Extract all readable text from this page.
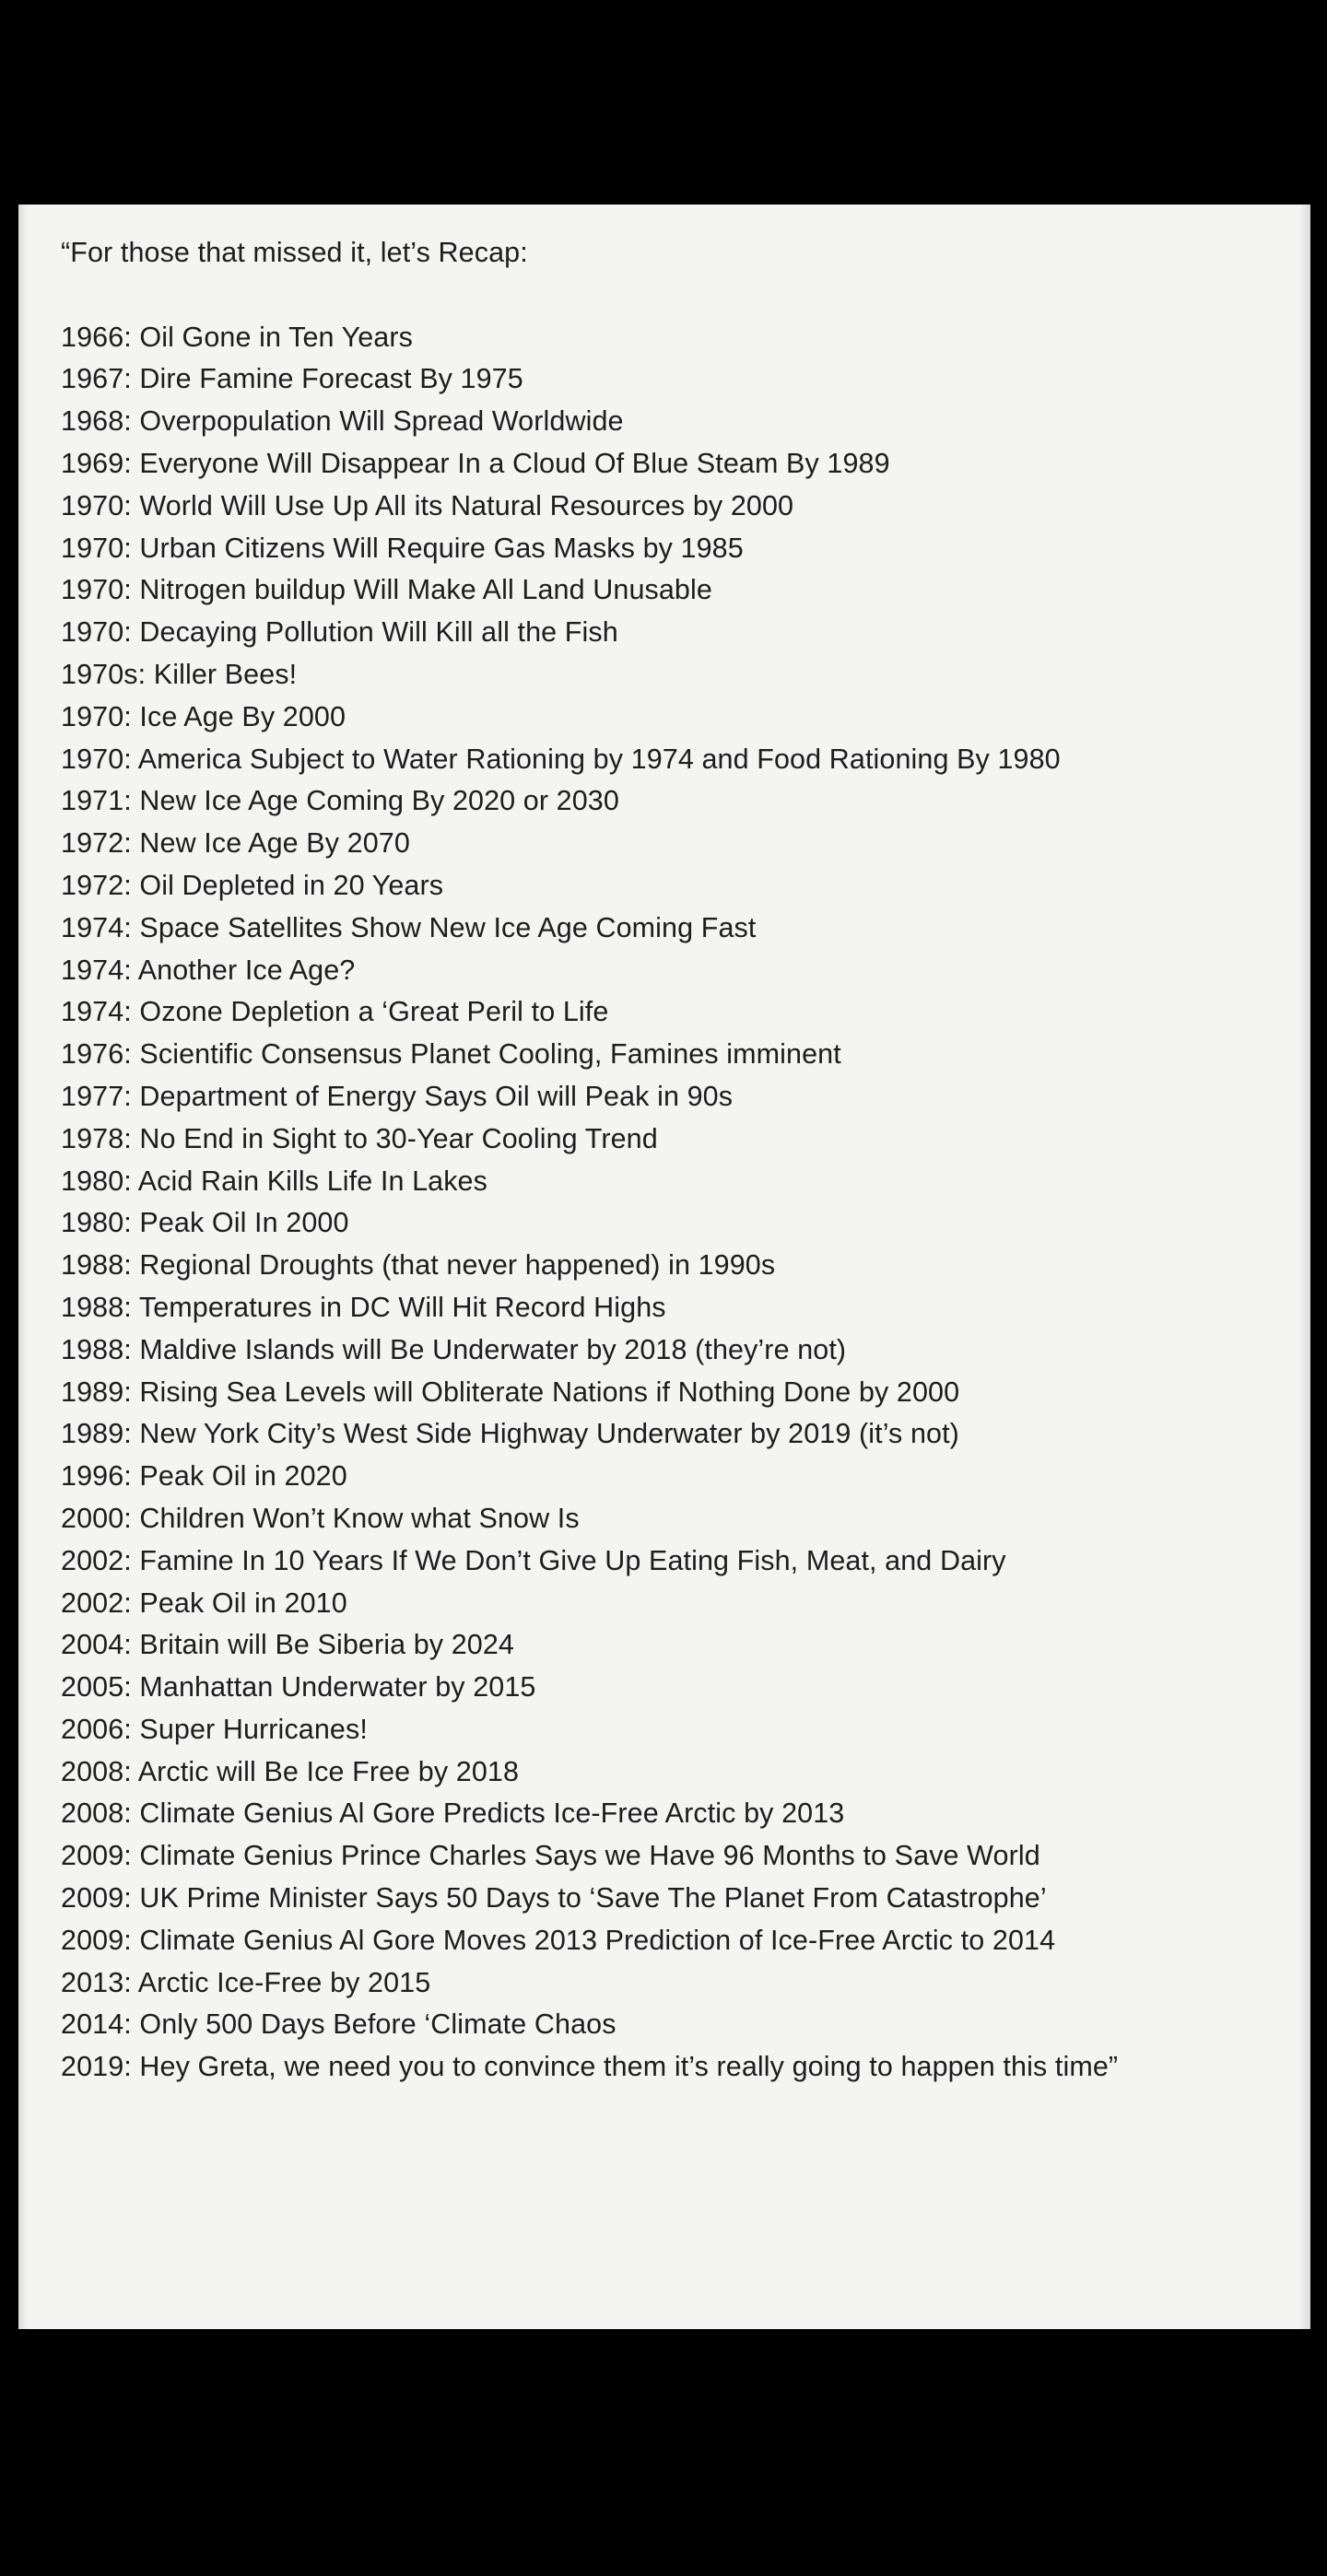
“For those that missed it, let’s Recap:
1966: Oil Gone in Ten Years
1967: Dire Famine Forecast By 1975
1968: Overpopulation Will Spread Worldwide
1969: Everyone Will Disappear In a Cloud Of Blue Steam By 1989
1970: World Will Use Up All its Natural Resources by 2000
1970: Urban Citizens Will Require Gas Masks by 1985
1970: Nitrogen buildup Will Make All Land Unusable
1970: Decaying Pollution Will Kill all the Fish
1970s: Killer Bees!
1970: Ice Age By 2000
1970: America Subject to Water Rationing by 1974 and Food Rationing By 1980
1971: New Ice Age Coming By 2020 or 2030
1972: New Ice Age By 2070
1972: Oil Depleted in 20 Years
1974: Space Satellites Show New Ice Age Coming Fast
1974: Another Ice Age?
1974: Ozone Depletion a ‘Great Peril to Life
1976: Scientific Consensus Planet Cooling, Famines imminent
1977: Department of Energy Says Oil will Peak in 90s
1978: No End in Sight to 30-Year Cooling Trend
1980: Acid Rain Kills Life In Lakes
1980: Peak Oil In 2000
1988: Regional Droughts (that never happened) in 1990s
1988: Temperatures in DC Will Hit Record Highs
1988: Maldive Islands will Be Underwater by 2018 (they’re not)
1989: Rising Sea Levels will Obliterate Nations if Nothing Done by 2000
1989: New York City’s West Side Highway Underwater by 2019 (it’s not)
1996: Peak Oil in 2020
2000: Children Won’t Know what Snow Is
2002: Famine In 10 Years If We Don’t Give Up Eating Fish, Meat, and Dairy
2002: Peak Oil in 2010
2004: Britain will Be Siberia by 2024
2005: Manhattan Underwater by 2015
2006: Super Hurricanes!
2008: Arctic will Be Ice Free by 2018
2008: Climate Genius Al Gore Predicts Ice-Free Arctic by 2013
2009: Climate Genius Prince Charles Says we Have 96 Months to Save World
2009: UK Prime Minister Says 50 Days to ‘Save The Planet From Catastrophe’
2009: Climate Genius Al Gore Moves 2013 Prediction of Ice-Free Arctic to 2014
2013: Arctic Ice-Free by 2015
2014: Only 500 Days Before ‘Climate Chaos
2019: Hey Greta, we need you to convince them it’s really going to happen this time”
